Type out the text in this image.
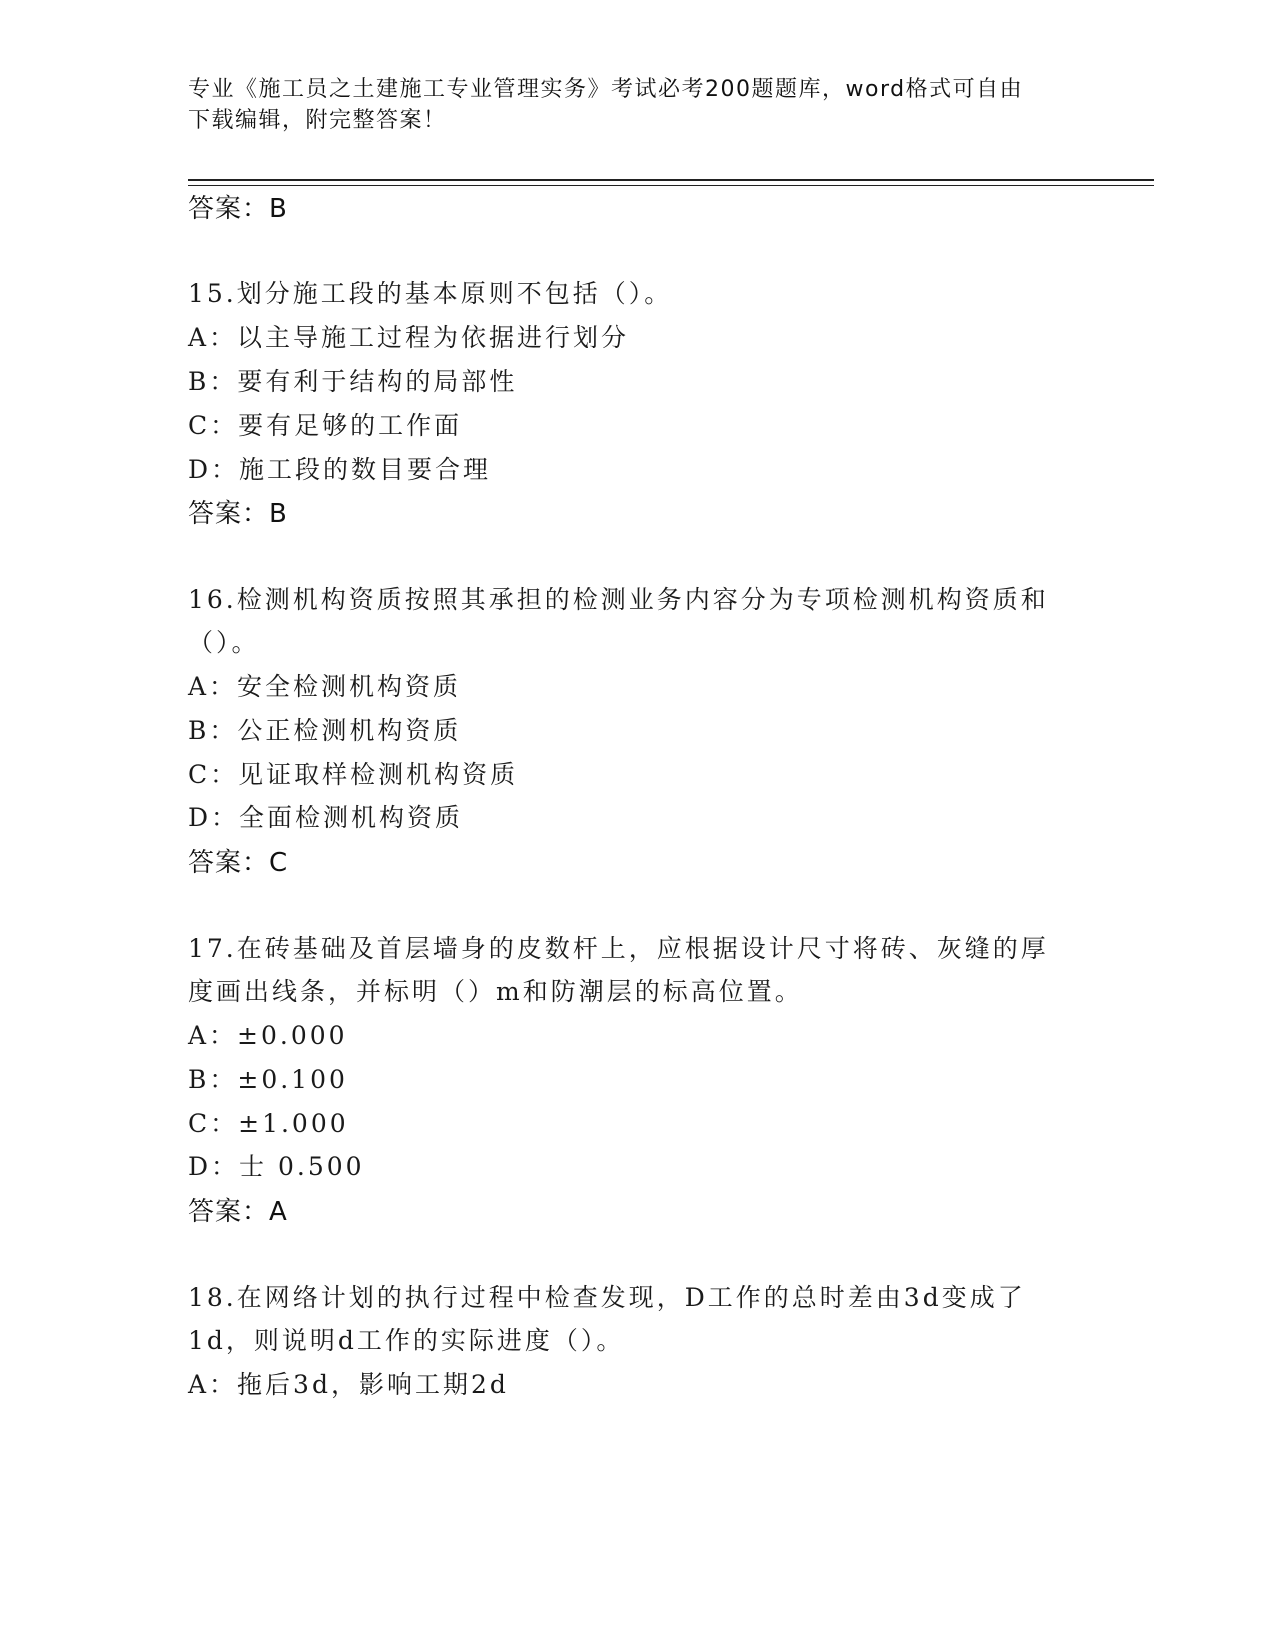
专业《施工员之土建施工专业管理实务》考试必考200题题库，word格式可自由
下载编辑，附完整答案！
答案：B
15.划分施工段的基本原则不包括（）。
A：以主导施工过程为依据进行划分
B：要有利于结构的局部性
C：要有足够的工作面
D：施工段的数目要合理
答案：B
16.检测机构资质按照其承担的检测业务内容分为专项检测机构资质和
（）。
A：安全检测机构资质
B：公正检测机构资质
C：见证取样检测机构资质
D：全面检测机构资质
答案：C
17.在砖基础及首层墙身的皮数杆上，应根据设计尺寸将砖、灰缝的厚
度画出线条，并标明（）m和防潮层的标高位置。
A：±0.000
B：±0.100
C：±1.000
D：士 0.500
答案：A
18.在网络计划的执行过程中检查发现，D工作的总时差由3d变成了
1d，则说明d工作的实际进度（）。
A：拖后3d，影响工期2d
